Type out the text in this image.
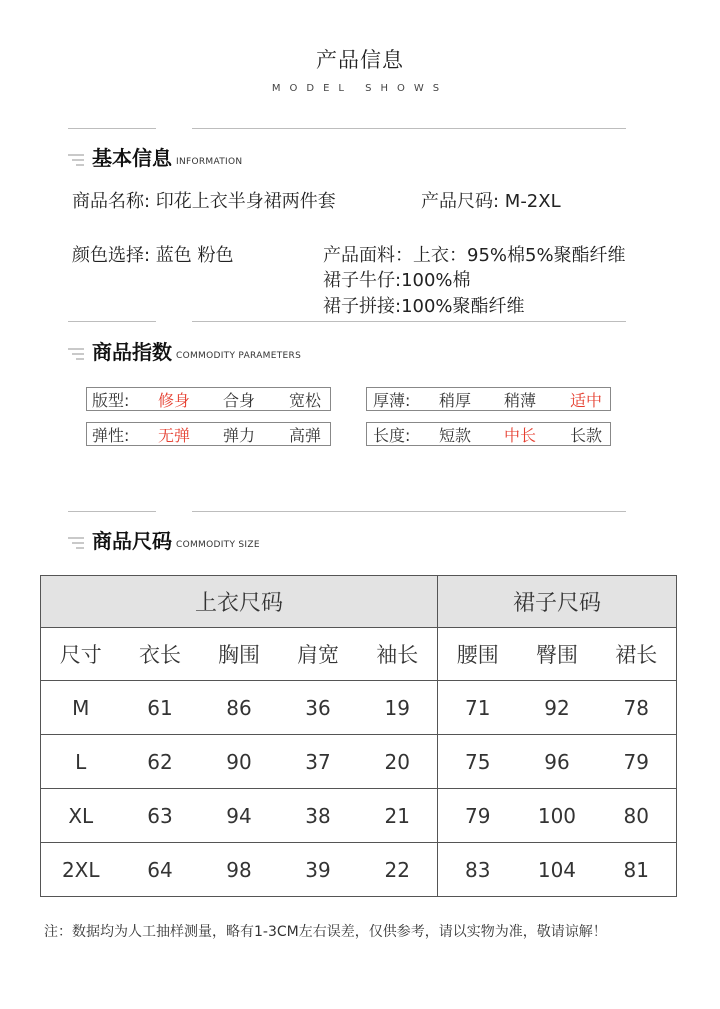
产品信息
MODEL SHOWS
基本信息 INFORMATION
商品名称: 印花上衣半身裙两件套	产品尺码: M-2XL
颜色选择: 蓝色 粉色	产品面料：上衣：95%棉5%聚酯纤维
裙子牛仔:100%棉
裙子拼接:100%聚酯纤维
商品指数 COMMODITY PARAMETERS
版型:	修身	合身	宽松
弹性:	无弹	弹力	高弹
厚薄:	稍厚	稍薄	适中
长度:	短款	中长	长款
商品尺码 COMMODITY SIZE
上衣尺码					裙子尺码		
尺寸	衣长	胸围	肩宽	袖长	腰围	臀围	裙长
M	61	86	36	19	71	92	78
L	62	90	37	20	75	96	79
XL	63	94	38	21	79	100	80
2XL	64	98	39	22	83	104	81
注：数据均为人工抽样测量，略有1-3CM左右误差，仅供参考，请以实物为准，敬请谅解！
